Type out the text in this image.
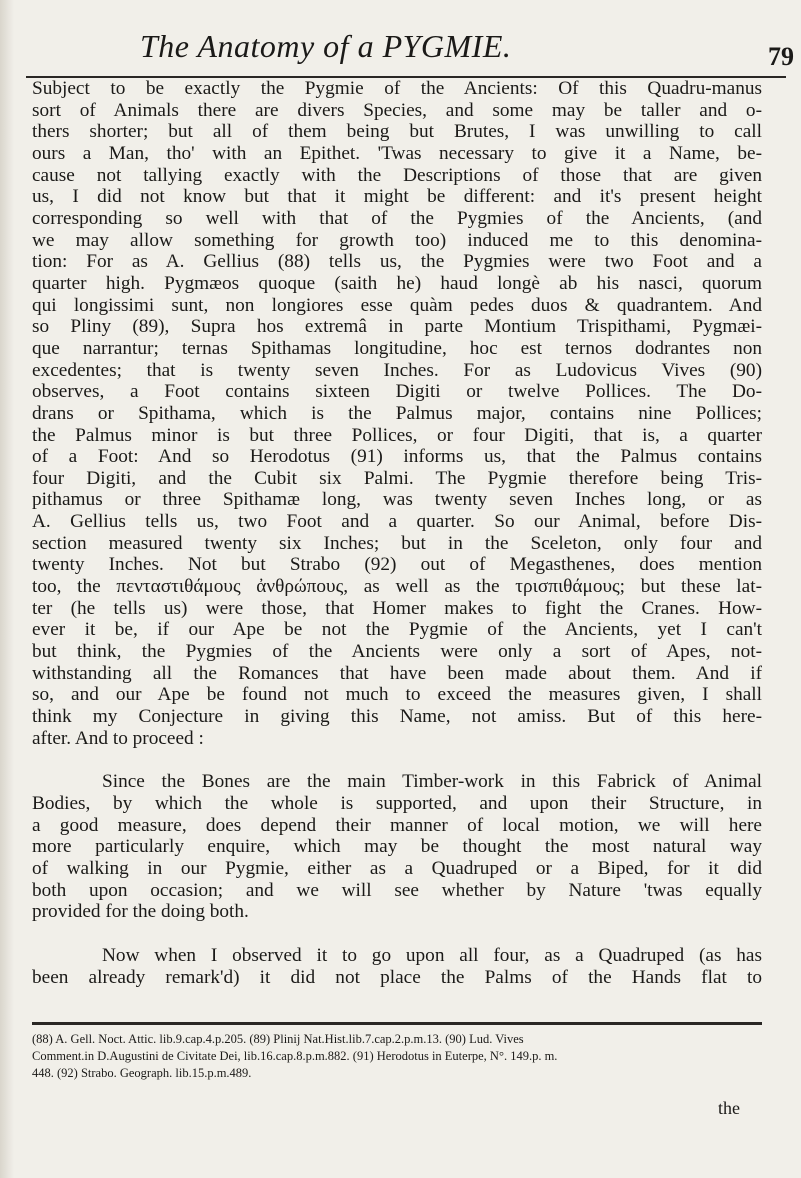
The Anatomy of a PYGMIE.	79
Subject to be exactly the Pygmie of the Ancients: Of this Quadru-manus
sort of Animals there are divers Species, and some may be taller and o-
thers shorter; but all of them being but Brutes, I was unwilling to call
ours a Man, tho' with an Epithet. 'Twas necessary to give it a Name, be-
cause not tallying exactly with the Descriptions of those that are given
us, I did not know but that it might be different: and it's present height
corresponding so well with that of the Pygmies of the Ancients, (and
we may allow something for growth too) induced me to this denomina-
tion: For as A. Gellius (88) tells us, the Pygmies were two Foot and a
quarter high. Pygmæos quoque (saith he) haud longè ab his nasci, quorum
qui longissimi sunt, non longiores esse quàm pedes duos & quadrantem. And
so Pliny (89), Supra hos extremâ in parte Montium Trispithami, Pygmæi-
que narrantur; ternas Spithamas longitudine, hoc est ternos dodrantes non
excedentes; that is twenty seven Inches. For as Ludovicus Vives (90)
observes, a Foot contains sixteen Digiti or twelve Pollices. The Do-
drans or Spithama, which is the Palmus major, contains nine Pollices;
the Palmus minor is but three Pollices, or four Digiti, that is, a quarter
of a Foot: And so Herodotus (91) informs us, that the Palmus contains
four Digiti, and the Cubit six Palmi. The Pygmie therefore being Tris-
pithamus or three Spithamæ long, was twenty seven Inches long, or as
A. Gellius tells us, two Foot and a quarter. So our Animal, before Dis-
section measured twenty six Inches; but in the Sceleton, only four and
twenty Inches. Not but Strabo (92) out of Megasthenes, does mention
too, the πενταστιθάμους ἀνθρώπους, as well as the τρισπιθάμους; but these lat-
ter (he tells us) were those, that Homer makes to fight the Cranes. How-
ever it be, if our Ape be not the Pygmie of the Ancients, yet I can't
but think, the Pygmies of the Ancients were only a sort of Apes, not-
withstanding all the Romances that have been made about them. And if
so, and our Ape be found not much to exceed the measures given, I shall
think my Conjecture in giving this Name, not amiss. But of this here-
after. And to proceed :
Since the Bones are the main Timber-work in this Fabrick of Animal
Bodies, by which the whole is supported, and upon their Structure, in
a good measure, does depend their manner of local motion, we will here
more particularly enquire, which may be thought the most natural way
of walking in our Pygmie, either as a Quadruped or a Biped, for it did
both upon occasion; and we will see whether by Nature 'twas equally
provided for the doing both.
Now when I observed it to go upon all four, as a Quadruped (as has
been already remark'd) it did not place the Palms of the Hands flat to
(88) A. Gell. Noct. Attic. lib.9.cap.4.p.205. (89) Plinij Nat.Hist.lib.7.cap.2.p.m.13. (90) Lud. Vives
Comment.in D.Augustini de Civitate Dei, lib.16.cap.8.p.m.882. (91) Herodotus in Euterpe, N°. 149.p. m.
448. (92) Strabo. Geograph. lib.15.p.m.489.
the
